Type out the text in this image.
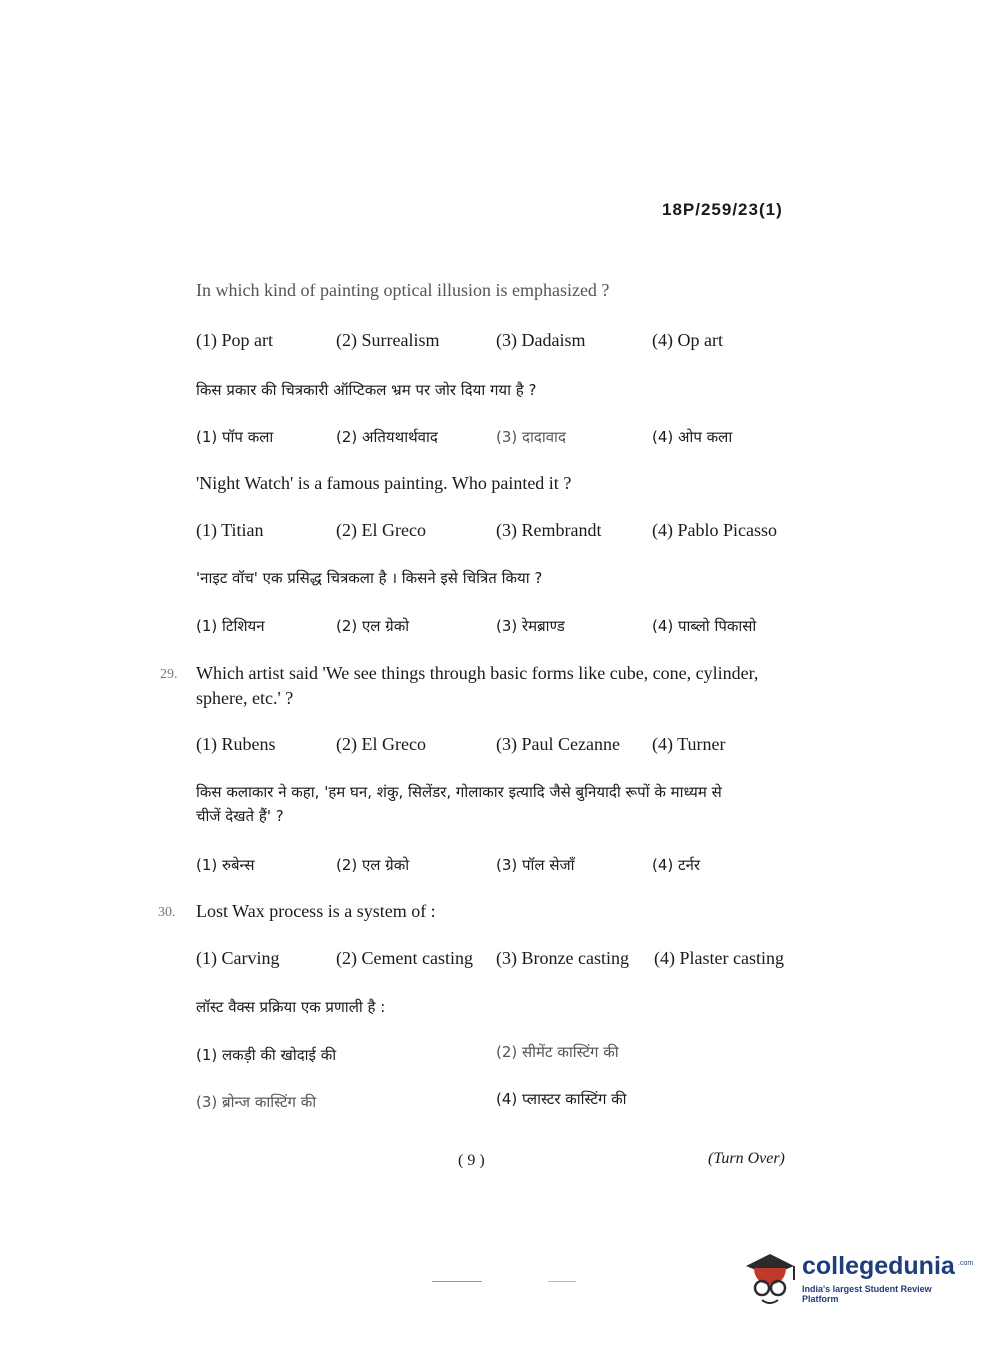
18P/259/23(1)
In which kind of painting optical illusion is emphasized ?
(1) Pop art	(2) Surrealism	(3) Dadaism	(4) Op art
किस प्रकार की चित्रकारी ऑप्टिकल भ्रम पर जोर दिया गया है ?
(1) पॉप कला	(2) अतियथार्थवाद	(3) दादावाद	(4) ओप कला
'Night Watch' is a famous painting. Who painted it ?
(1) Titian	(2) El Greco	(3) Rembrandt	(4) Pablo Picasso
'नाइट वॉच' एक प्रसिद्ध चित्रकला है । किसने इसे चित्रित किया ?
(1) टिशियन	(2) एल ग्रेको	(3) रेमब्राण्ड	(4) पाब्लो पिकासो
29. Which artist said 'We see things through basic forms like cube, cone, cylinder,
sphere, etc.' ?
(1) Rubens	(2) El Greco	(3) Paul Cezanne (4) Turner
किस कलाकार ने कहा, 'हम घन, शंकु, सिलेंडर, गोलाकार इत्यादि जैसे बुनियादी रूपों के माध्यम से
चीजें देखते हैं' ?
(1) रुबेन्स	(2) एल ग्रेको	(3) पॉल सेजाँ	(4) टर्नर
30. Lost Wax process is a system of :
(1) Carving	(2) Cement casting (3) Bronze casting (4) Plaster casting
लॉस्ट वैक्स प्रक्रिया एक प्रणाली है :
(1) लकड़ी की खोदाई की	(2) सीमेंट कास्टिंग की
(3) ब्रोन्ज कास्टिंग की	(4) प्लास्टर कास्टिंग की
( 9 )	(Turn Over)
collegedunia .com
India's largest Student Review Platform
